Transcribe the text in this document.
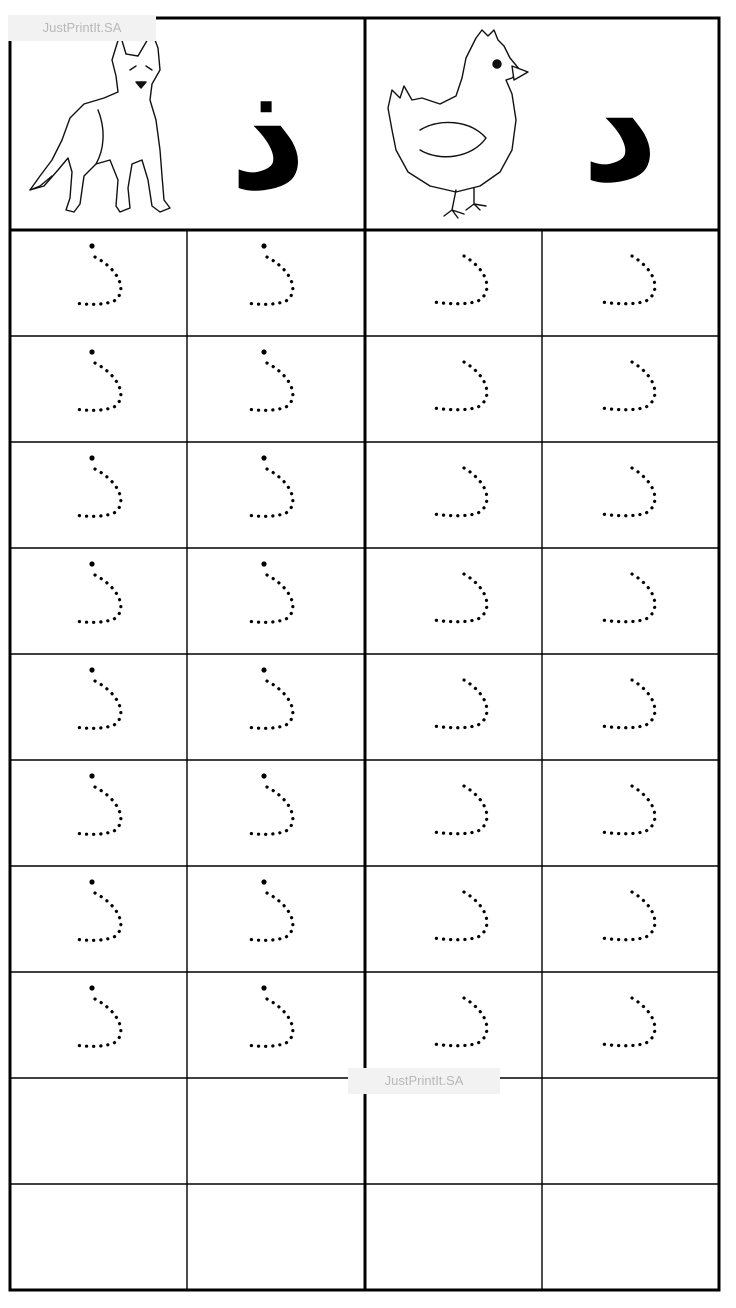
ذ د
JustPrintIt.SA
JustPrintIt.SA
